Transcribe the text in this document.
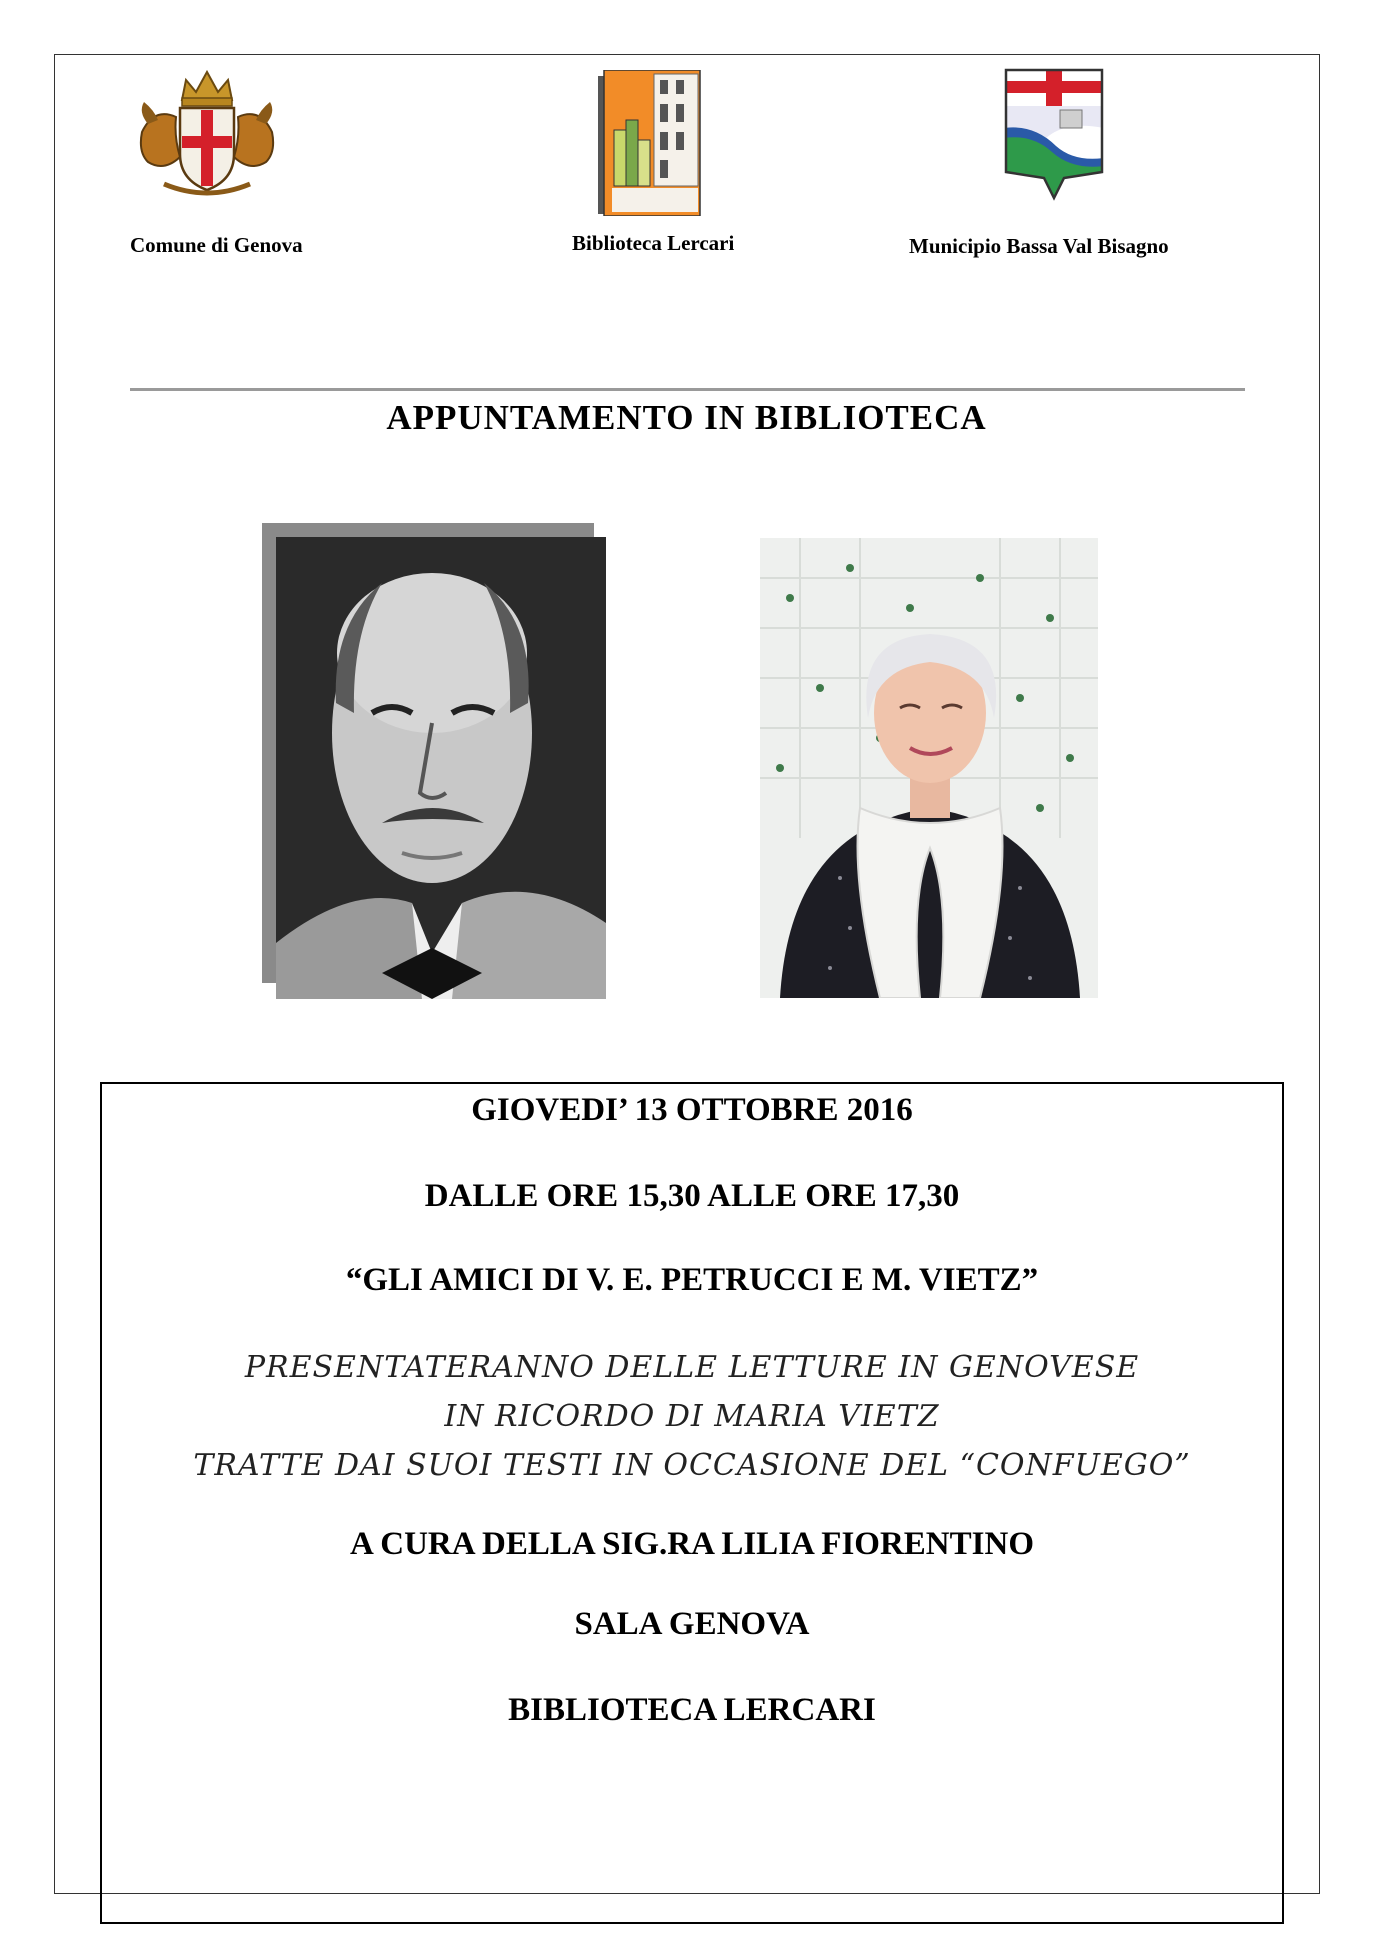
Comune di Genova	Biblioteca Lercari	Municipio Bassa Val Bisagno
APPUNTAMENTO IN BIBLIOTECA
GIOVEDI’ 13 OTTOBRE 2016
DALLE ORE 15,30 ALLE ORE 17,30
“GLI AMICI DI V. E. PETRUCCI E M. VIETZ”
PRESENTATERANNO DELLE LETTURE IN GENOVESE
IN RICORDO DI MARIA VIETZ
TRATTE DAI SUOI TESTI IN OCCASIONE DEL “CONFUEGO”
A CURA DELLA SIG.RA LILIA FIORENTINO
SALA GENOVA
BIBLIOTECA LERCARI
